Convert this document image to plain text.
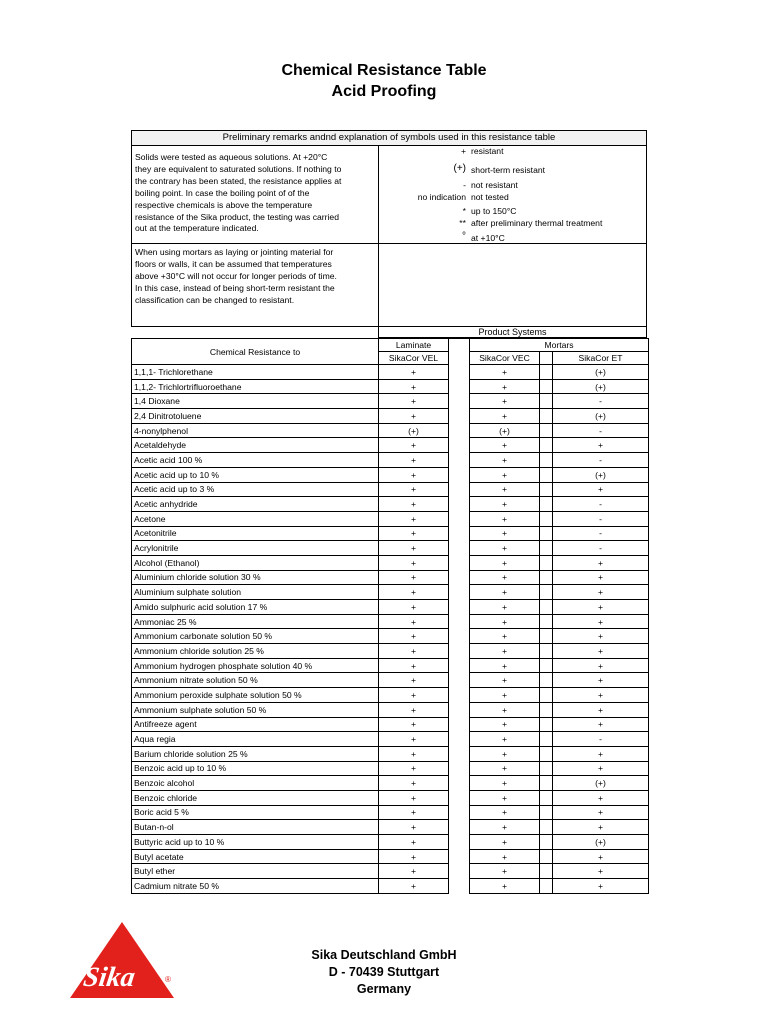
Chemical Resistance Table
Acid Proofing
Preliminary remarks andnd explanation of symbols used in this resistance table
Solids were tested as aqueous solutions. At +20°C
they are equivalent to saturated solutions. If nothing to
the contrary has been stated, the resistance applies at
boiling point. In case the boiling point of of the
respective chemicals is above the temperature
resistance of the Sika product, the testing was carried
out at the temperature indicated.
+ resistant
(+) short-term resistant
- not resistant
no indication not tested
* up to 150°C
** after preliminary thermal treatment
° at +10°C
When using mortars as laying or jointing material for
floors or walls, it can be assumed that temperatures
above +30°C will not occur for longer periods of time.
In this case, instead of being short-term resistant the
classification can be changed to resistant.
Product Systems
Chemical Resistance to	Laminate		Mortars		
	SikaCor VEL		SikaCor VEC		SikaCor ET
1,1,1- Trichlorethane	+		+		(+)
1,1,2- Trichlortrifluoroethane	+		+		(+)
1,4 Dioxane	+		+		-
2,4 Dinitrotoluene	+		+		(+)
4-nonylphenol	(+)		(+)		-
Acetaldehyde	+		+		+
Acetic acid 100 %	+		+		-
Acetic acid up to 10 %	+		+		(+)
Acetic acid up to 3 %	+		+		+
Acetic anhydride	+		+		-
Acetone	+		+		-
Acetonitrile	+		+		-
Acrylonitrile	+		+		-
Alcohol (Ethanol)	+		+		+
Aluminium chloride solution 30 %	+		+		+
Aluminium sulphate solution	+		+		+
Amido sulphuric acid solution 17 %	+		+		+
Ammoniac 25 %	+		+		+
Ammonium carbonate solution 50 %	+		+		+
Ammonium chloride solution 25 %	+		+		+
Ammonium hydrogen phosphate solution 40 %	+		+		+
Ammonium nitrate solution 50 %	+		+		+
Ammonium peroxide sulphate solution 50 %	+		+		+
Ammonium sulphate solution 50 %	+		+		+
Antifreeze agent	+		+		+
Aqua regia	+		+		-
Barium chloride solution 25 %	+		+		+
Benzoic acid up to 10 %	+		+		+
Benzoic alcohol	+		+		(+)
Benzoic chloride	+		+		+
Boric acid 5 %	+		+		+
Butan-n-ol	+		+		+
Buttyric acid up to 10 %	+		+		(+)
Butyl acetate	+		+		+
Butyl ether	+		+		+
Cadmium nitrate 50 %	+		+		+
Sika	®
Sika Deutschland GmbH
D - 70439 Stuttgart
Germany
